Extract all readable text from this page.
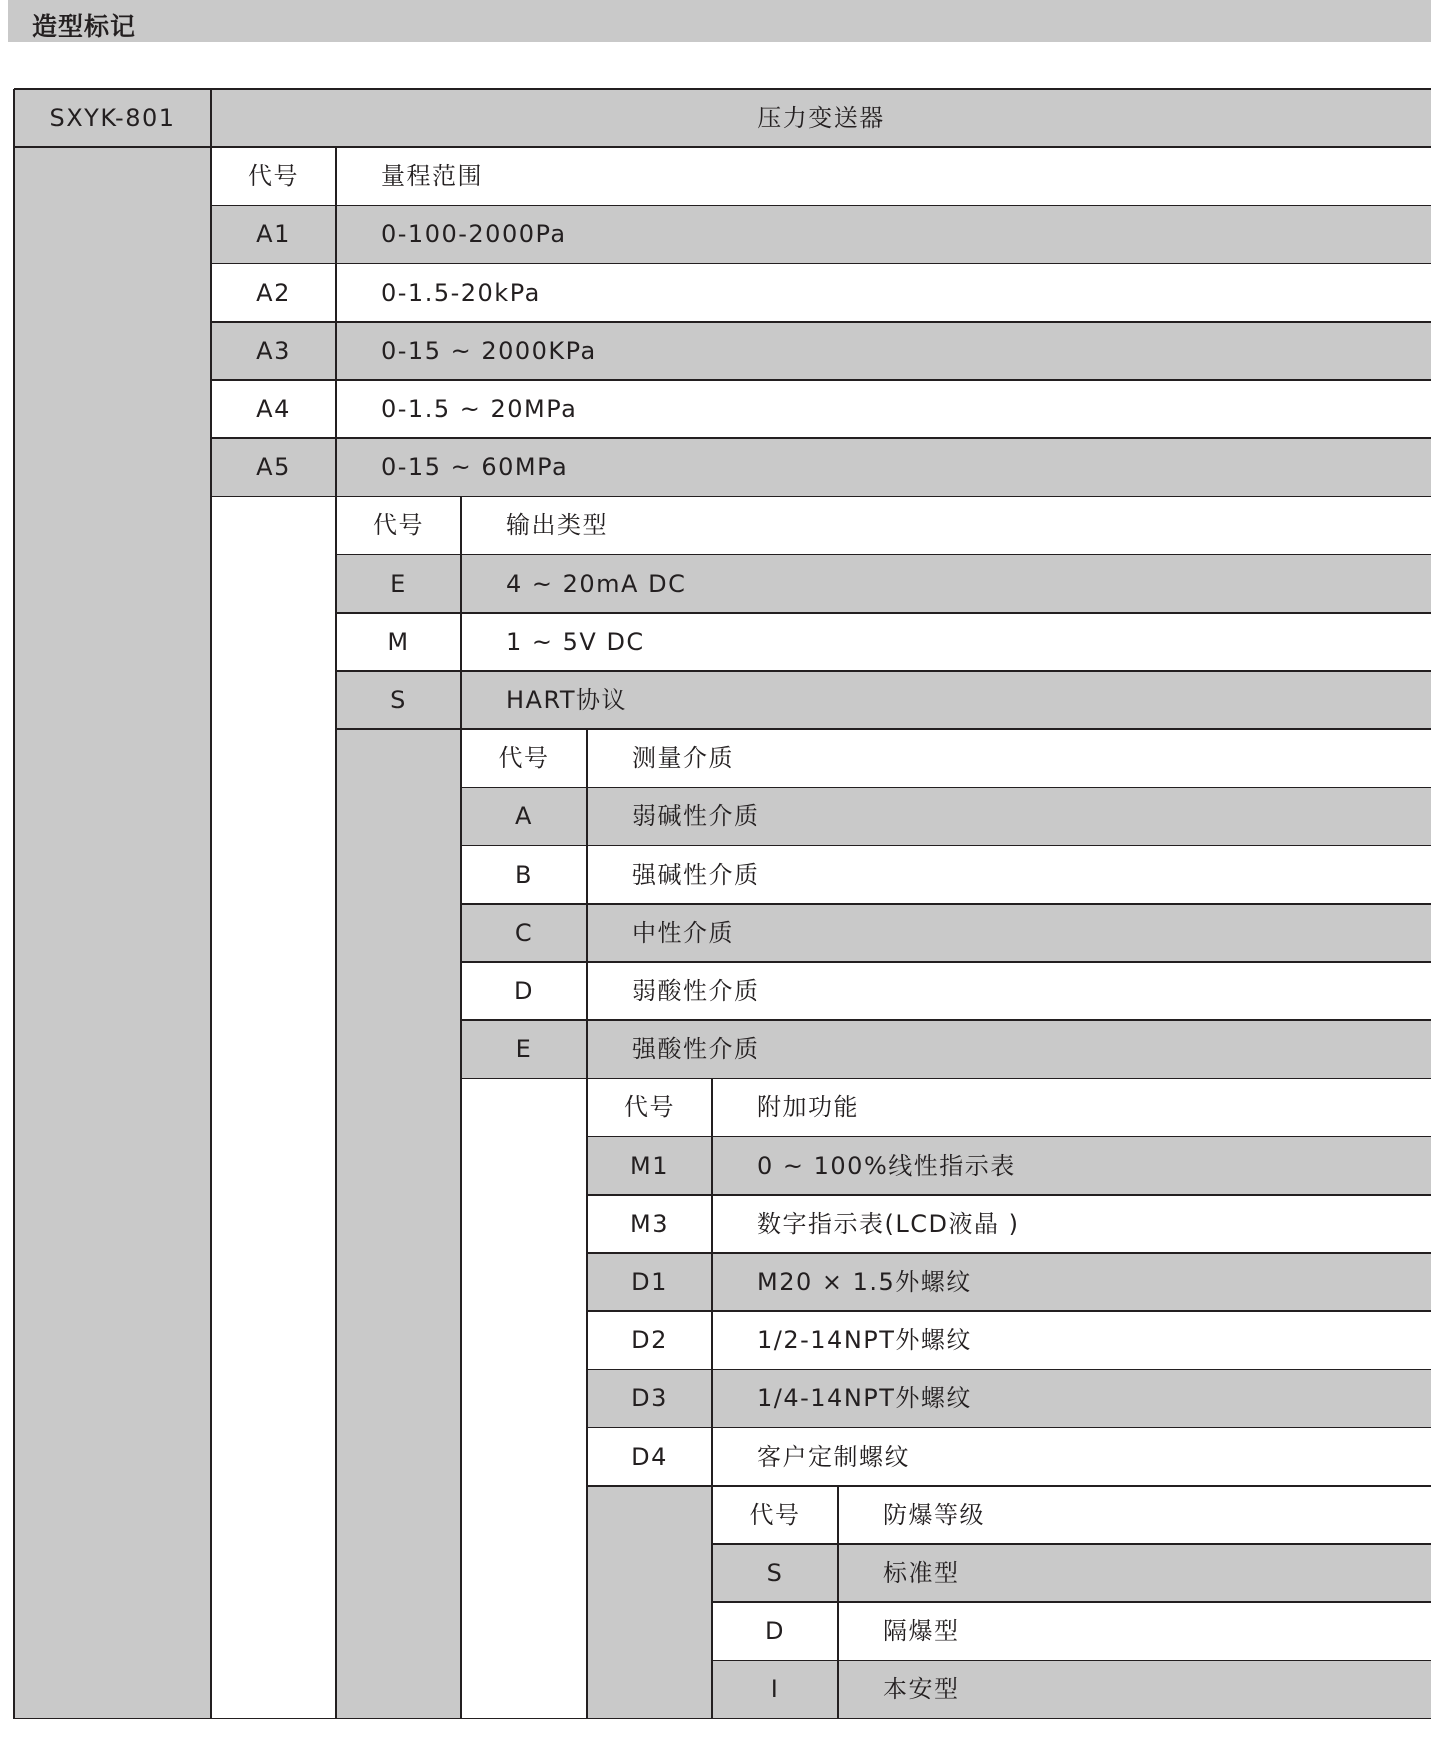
造型标记
SXYK-801	压力变送器
代号	量程范围
A1	0-100-2000Pa
A2	0-1.5-20kPa
A3	0-15 ~ 2000KPa
A4	0-1.5 ~ 20MPa
A5	0-15 ~ 60MPa
代号	输出类型
E	4 ~ 20mA DC
M	1 ~ 5V DC
S	HART协议
代号	测量介质
A	弱碱性介质
B	强碱性介质
C	中性介质
D	弱酸性介质
E	强酸性介质
代号	附加功能
M1	0 ~ 100%线性指示表
M3	数字指示表(LCD液晶 )
D1	M20 × 1.5外螺纹
D2	1/2-14NPT外螺纹
D3	1/4-14NPT外螺纹
D4	客户定制螺纹
代号	防爆等级
S	标准型
D	隔爆型
I	本安型
